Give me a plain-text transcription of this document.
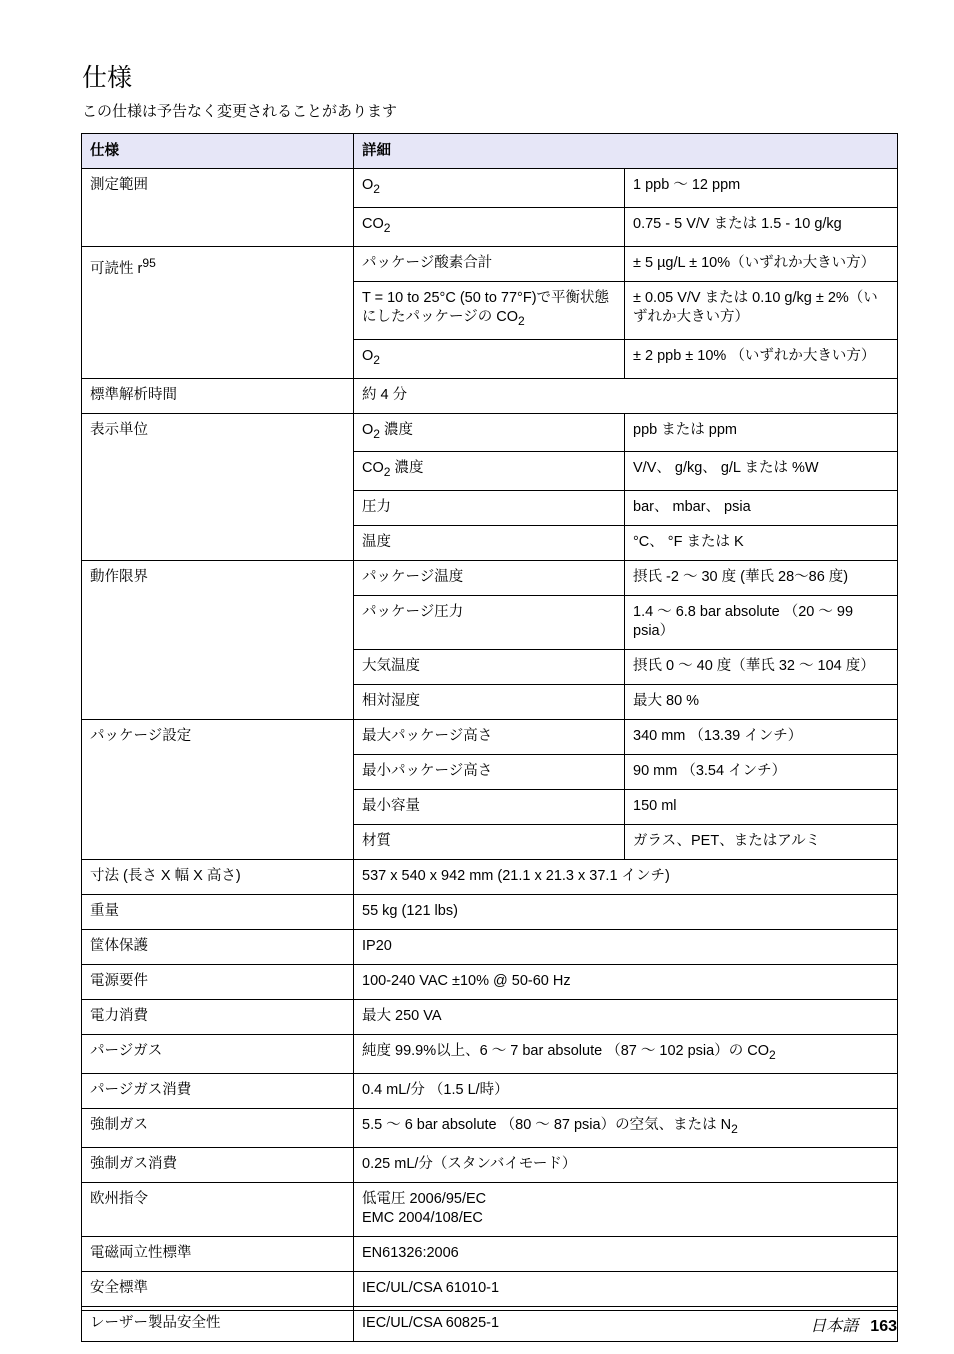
仕様
この仕様は予告なく変更されることがあります
仕様	詳細	
測定範囲	$O_2$	1 ppb ～ 12 ppm
	$CO_2$	0.75 - 5 V/V または 1.5 - 10 g/kg
可読性 $r^{95}$	パッケージ酸素合計	± 5 µg/L ± 10%（いずれか大きい方）
	T = 10 to 25°C (50 to 77°F)で平衡状態にしたパッケージの $CO_2$	± 0.05 V/V または 0.10 g/kg ± 2%（いずれか大きい方）
	$O_2$	± 2 ppb ± 10% （いずれか大きい方）
標準解析時間	約 4 分	
表示単位	$O_2$ 濃度	ppb または ppm
	$CO_2$ 濃度	V/V、 g/kg、 g/L または %W
	圧力	bar、 mbar、 psia
	温度	°C、 °F または K
動作限界	パッケージ温度	摂氏 -2 ～ 30 度 (華氏 28～86 度)
	パッケージ圧力	1.4 ～ 6.8 bar absolute （20 ～ 99 psia）
	大気温度	摂氏 0 ～ 40 度（華氏 32 ～ 104 度）
	相対湿度	最大 80 %
パッケージ設定	最大パッケージ高さ	340 mm （13.39 インチ）
	最小パッケージ高さ	90 mm （3.54 インチ）
	最小容量	150 ml
	材質	ガラス、PET、またはアルミ
寸法 (長さ X 幅 X 高さ)	537 x 540 x 942 mm (21.1 x 21.3 x 37.1 インチ)	
重量	55 kg (121 lbs)	
筐体保護	IP20	
電源要件	100-240 VAC ±10% @ 50-60 Hz	
電力消費	最大 250 VA	
パージガス	純度 99.9%以上、6 ～ 7 bar absolute （87 ～ 102 psia）の $CO_2$
パージガス消費	0.4 mL/分 （1.5 L/時）	
強制ガス	5.5 ～ 6 bar absolute （80 ～ 87 psia）の空気、または $N_2$
強制ガス消費	0.25 mL/分（スタンバイモード）	
欧州指令	低電圧 2006/95/EC
EMC 2004/108/EC	
電磁両立性標準	EN61326:2006	
安全標準	IEC/UL/CSA 61010-1	
レーザー製品安全性	IEC/UL/CSA 60825-1		日本語 163
